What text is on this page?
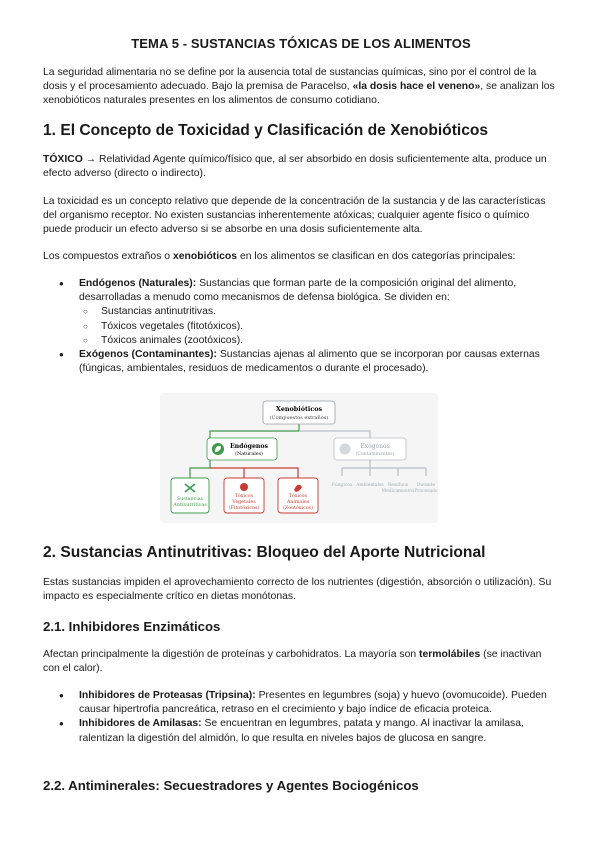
TEMA 5 - SUSTANCIAS TÓXICAS DE LOS ALIMENTOS

La seguridad alimentaria no se define por la ausencia total de sustancias químicas, sino por el control de la dosis y el procesamiento adecuado. Bajo la premisa de Paracelso, «la dosis hace el veneno», se analizan los xenobióticos naturales presentes en los alimentos de consumo cotidiano.

1. El Concepto de Toxicidad y Clasificación de Xenobióticos

TÓXICO → Relatividad Agente químico/físico que, al ser absorbido en dosis suficientemente alta, produce un efecto adverso (directo o indirecto).

La toxicidad es un concepto relativo que depende de la concentración de la sustancia y de las características del organismo receptor. No existen sustancias inherentemente atóxicas; cualquier agente físico o químico puede producir un efecto adverso si se absorbe en una dosis suficientemente alta.

Los compuestos extraños o xenobióticos en los alimentos se clasifican en dos categorías principales:

● Endógenos (Naturales): Sustancias que forman parte de la composición original del alimento, desarrolladas a menudo como mecanismos de defensa biológica. Se dividen en:
○ Sustancias antinutritivas.
○ Tóxicos vegetales (fitotóxicos).
○ Tóxicos animales (zootóxicos).
● Exógenos (Contaminantes): Sustancias ajenas al alimento que se incorporan por causas externas (fúngicas, ambientales, residuos de medicamentos o durante el procesado).
2. Sustancias Antinutritivas: Bloqueo del Aporte Nutricional

Estas sustancias impiden el aprovechamiento correcto de los nutrientes (digestión, absorción o utilización). Su impacto es especialmente crítico en dietas monótonas.

2.1. Inhibidores Enzimáticos

Afectan principalmente la digestión de proteínas y carbohidratos. La mayoría son termolábiles (se inactivan con el calor).

● Inhibidores de Proteasas (Tripsina): Presentes en legumbres (soja) y huevo (ovomucoide). Pueden causar hipertrofia pancreática, retraso en el crecimiento y bajo índice de eficacia proteica.
● Inhibidores de Amilasas: Se encuentran en legumbres, patata y mango. Al inactivar la amilasa, ralentizan la digestión del almidón, lo que resulta en niveles bajos de glucosa en sangre.
2.2. Antiminerales: Secuestradores y Agentes Bociogénicos
Xenobióticos
(Compuestos extraños)
Endógenos
(Naturales)
Exógenos
(Contaminantes)
Sustancias
Antinutritivas
Tóxicos
Vegetales
(Fitotóxicos)
Tóxicos
Animales
(Zootóxicos)
Fúngicos Ambientales Residuos
Medicamentos
Durante
Procesado
